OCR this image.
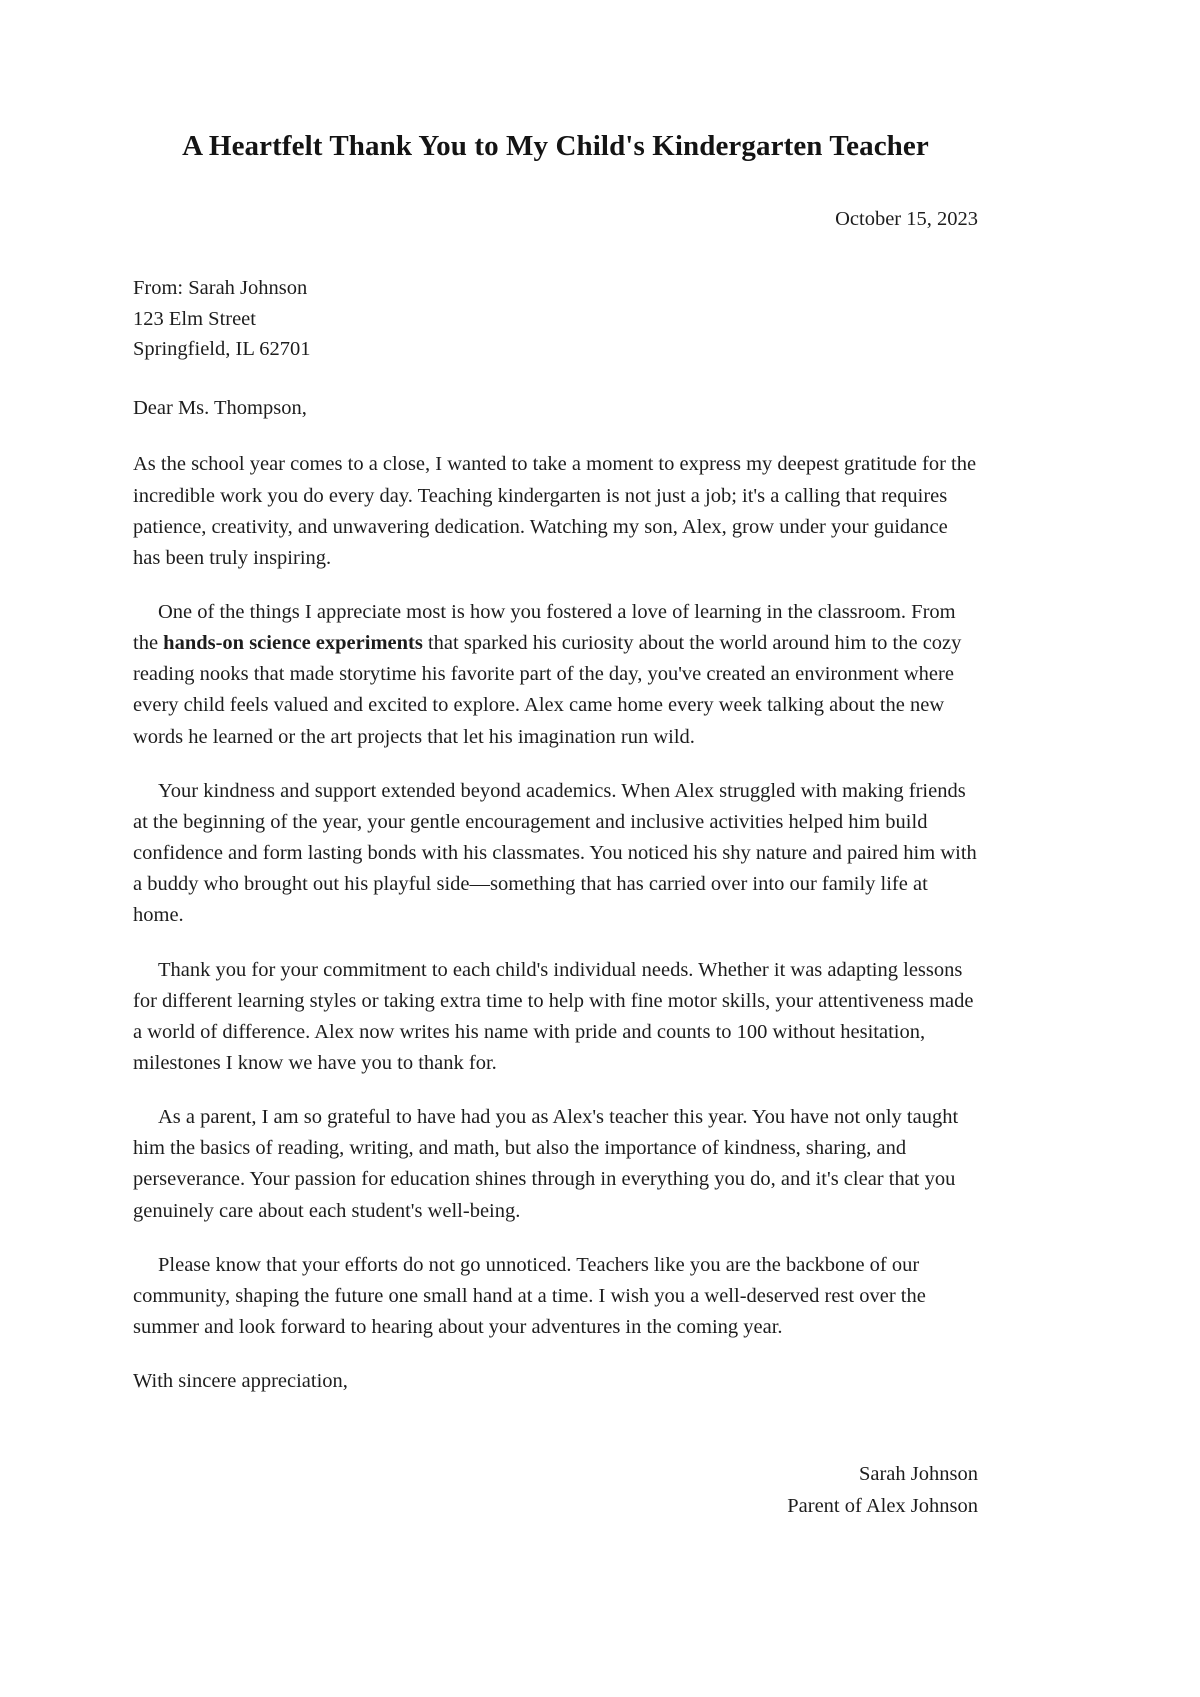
A Heartfelt Thank You to My Child's Kindergarten Teacher
October 15, 2023
From: Sarah Johnson
123 Elm Street
Springfield, IL 62701
Dear Ms. Thompson,

As the school year comes to a close, I wanted to take a moment to express my deepest gratitude for the incredible work you do every day. Teaching kindergarten is not just a job; it's a calling that requires patience, creativity, and unwavering dedication. Watching my son, Alex, grow under your guidance has been truly inspiring.

One of the things I appreciate most is how you fostered a love of learning in the classroom. From the hands-on science experiments that sparked his curiosity about the world around him to the cozy reading nooks that made storytime his favorite part of the day, you've created an environment where every child feels valued and excited to explore. Alex came home every week talking about the new words he learned or the art projects that let his imagination run wild.

Your kindness and support extended beyond academics. When Alex struggled with making friends at the beginning of the year, your gentle encouragement and inclusive activities helped him build confidence and form lasting bonds with his classmates. You noticed his shy nature and paired him with a buddy who brought out his playful side—something that has carried over into our family life at home.

Thank you for your commitment to each child's individual needs. Whether it was adapting lessons for different learning styles or taking extra time to help with fine motor skills, your attentiveness made a world of difference. Alex now writes his name with pride and counts to 100 without hesitation, milestones I know we have you to thank for.

As a parent, I am so grateful to have had you as Alex's teacher this year. You have not only taught him the basics of reading, writing, and math, but also the importance of kindness, sharing, and perseverance. Your passion for education shines through in everything you do, and it's clear that you genuinely care about each student's well-being.

Please know that your efforts do not go unnoticed. Teachers like you are the backbone of our community, shaping the future one small hand at a time. I wish you a well-deserved rest over the summer and look forward to hearing about your adventures in the coming year.

With sincere appreciation,
Sarah Johnson
Parent of Alex Johnson
